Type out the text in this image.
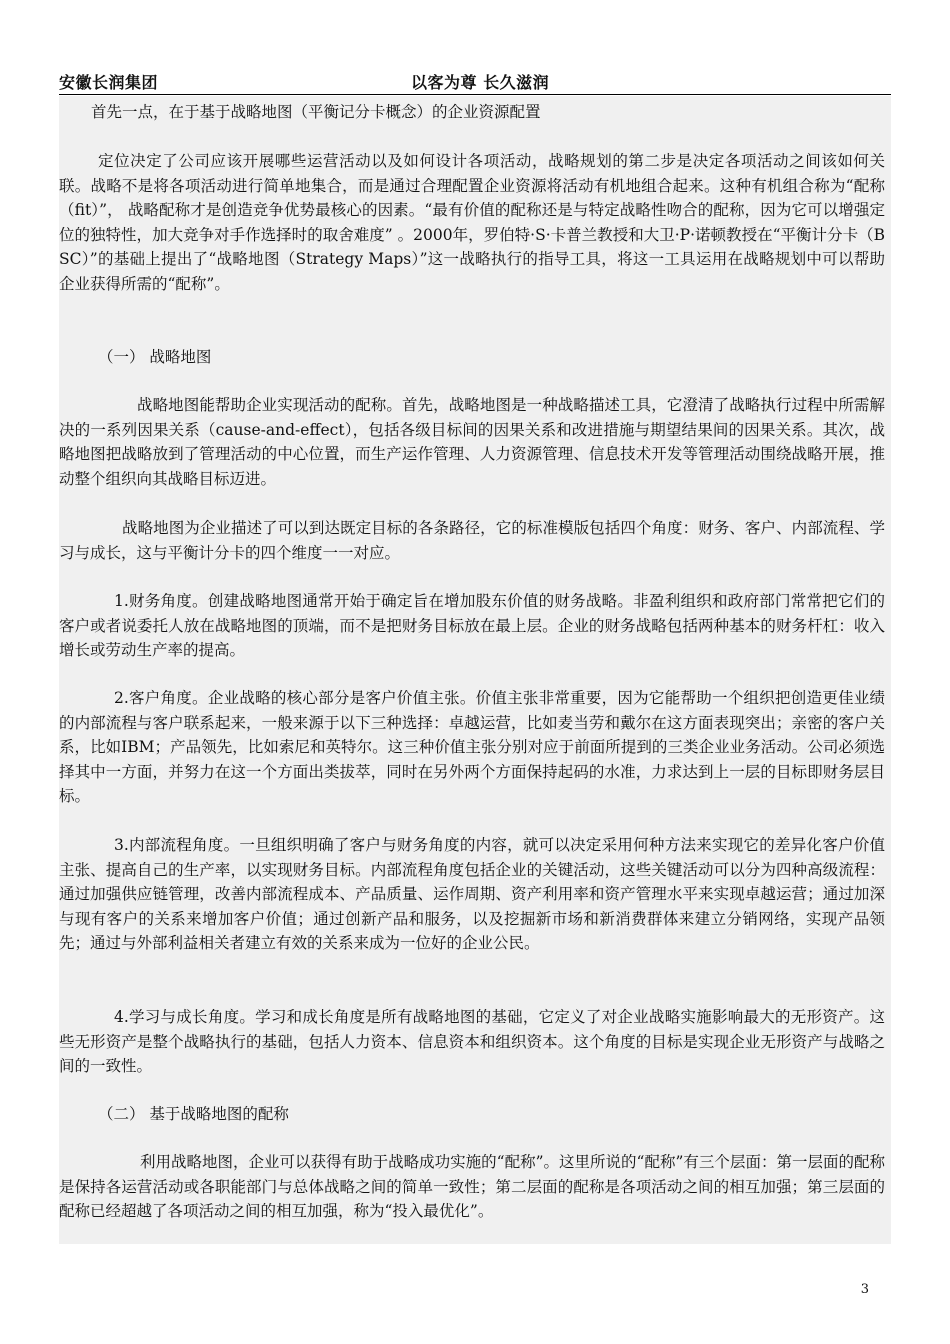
安徽长润集团	以客为尊 长久滋润

首先一点，在于基于战略地图（平衡记分卡概念）的企业资源配置

定位决定了公司应该开展哪些运营活动以及如何设计各项活动，战略规划的第二步是决定各项活动之间该如何关联。战略不是将各项活动进行简单地集合，而是通过合理配置企业资源将活动有机地组合起来。这种有机组合称为“配称（fit）”， 战略配称才是创造竞争优势最核心的因素。“最有价值的配称还是与特定战略性吻合的配称，因为它可以增强定位的独特性，加大竞争对手作选择时的取舍难度” 。2000年，罗伯特·S·卡普兰教授和大卫·P·诺顿教授在“平衡计分卡（BSC）”的基础上提出了“战略地图（Strategy Maps）”这一战略执行的指导工具，将这一工具运用在战略规划中可以帮助企业获得所需的“配称”。

（一） 战略地图

战略地图能帮助企业实现活动的配称。首先，战略地图是一种战略描述工具，它澄清了战略执行过程中所需解决的一系列因果关系（cause-and-effect），包括各级目标间的因果关系和改进措施与期望结果间的因果关系。其次，战略地图把战略放到了管理活动的中心位置，而生产运作管理、人力资源管理、信息技术开发等管理活动围绕战略开展，推动整个组织向其战略目标迈进。

战略地图为企业描述了可以到达既定目标的各条路径，它的标准模版包括四个角度：财务、客户、内部流程、学习与成长，这与平衡计分卡的四个维度一一对应。

1.财务角度。创建战略地图通常开始于确定旨在增加股东价值的财务战略。非盈利组织和政府部门常常把它们的客户或者说委托人放在战略地图的顶端，而不是把财务目标放在最上层。企业的财务战略包括两种基本的财务杆杠：收入增长或劳动生产率的提高。

2.客户角度。企业战略的核心部分是客户价值主张。价值主张非常重要，因为它能帮助一个组织把创造更佳业绩的内部流程与客户联系起来，一般来源于以下三种选择：卓越运营，比如麦当劳和戴尔在这方面表现突出；亲密的客户关系，比如IBM；产品领先，比如索尼和英特尔。这三种价值主张分别对应于前面所提到的三类企业业务活动。公司必须选择其中一方面，并努力在这一个方面出类拔萃，同时在另外两个方面保持起码的水准，力求达到上一层的目标即财务层目标。

3.内部流程角度。一旦组织明确了客户与财务角度的内容，就可以决定采用何种方法来实现它的差异化客户价值主张、提高自己的生产率，以实现财务目标。内部流程角度包括企业的关键活动，这些关键活动可以分为四种高级流程：通过加强供应链管理，改善内部流程成本、产品质量、运作周期、资产利用率和资产管理水平来实现卓越运营；通过加深与现有客户的关系来增加客户价值；通过创新产品和服务，以及挖掘新市场和新消费群体来建立分销网络，实现产品领先；通过与外部利益相关者建立有效的关系来成为一位好的企业公民。

4.学习与成长角度。学习和成长角度是所有战略地图的基础，它定义了对企业战略实施影响最大的无形资产。这些无形资产是整个战略执行的基础，包括人力资本、信息资本和组织资本。这个角度的目标是实现企业无形资产与战略之间的一致性。

（二） 基于战略地图的配称

利用战略地图，企业可以获得有助于战略成功实施的“配称”。这里所说的“配称”有三个层面：第一层面的配称是保持各运营活动或各职能部门与总体战略之间的简单一致性；第二层面的配称是各项活动之间的相互加强；第三层面的配称已经超越了各项活动之间的相互加强，称为“投入最优化”。

3
